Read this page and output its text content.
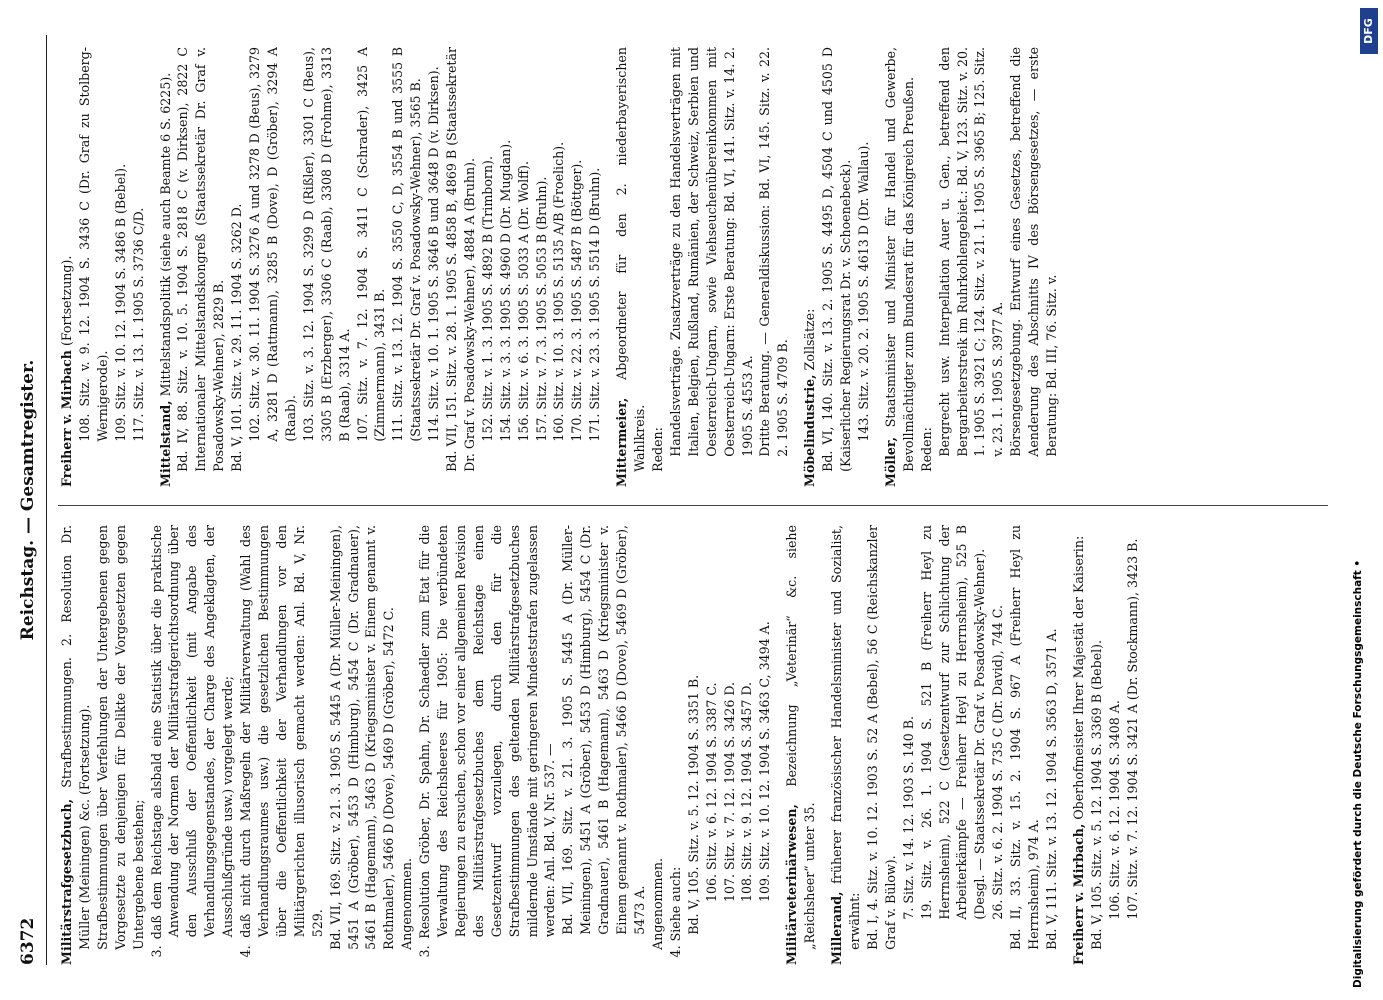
6372
Reichstag. — Gesamtregister.
Militärstrafgesetzbuch, Strafbestimmungen. 2. Resolution Dr. Müller (Meiningen) &c. (Fortsetzung). Strafbestimmungen über Verfehlungen der Untergebenen gegen Vorgesetzte zu denjenigen für Delikte der Vorgesetzten gegen Untergebene bestehen; 3. daß dem Reichstage alsbald eine Statistik über die praktische Anwendung der Normen der Militärstrafgerichtsordnung über den Ausschluß der Oeffentlichkeit (mit Angabe des Verhandlungsgegenstandes, der Charge des Angeklagten, der Ausschlußgründe usw.) vorgelegt werde; 4. daß nicht durch Maßregeln der Militärverwaltung (Wahl des Verhandlungsraumes usw.) die gesetzlichen Bestimmungen über die Oeffentlichkeit der Verhandlungen vor den Militärgerichten illusorisch gemacht werden: Anl. Bd. V, Nr. 529. Bd. VII, 169. Sitz. v. 21. 3. 1905 S. 5445 A (Dr. Müller-Meiningen), 5451 A (Gröber), 5453 D (Himburg), 5454 C (Dr. Gradnauer), 5461 B (Hagemann), 5463 D (Kriegsminister v. Einem genannt v. Rothmaler), 5466 D (Dove), 5469 D (Gröber), 5472 C. Angenommen. 3. Resolution Gröber, Dr. Spahn, Dr. Schaedler zum Etat für die Verwaltung des Reichsheeres für 1905: Die verbündeten Regierungen zu ersuchen, schon vor einer allgemeinen Revision des Militärstrafgesetzbuches dem Reichstage einen Gesetzentwurf vorzulegen, durch den für die Strafbestimmungen des geltenden Militärstrafgesetzbuches mildernde Umstände mit geringeren Mindeststrafen zugelassen werden: Anl. Bd. V, Nr. 537. — Bd. VII, 169. Sitz. v. 21. 3. 1905 S. 5445 A (Dr. Müller-Meiningen), 5451 A (Gröber), 5453 D (Himburg), 5454 C (Dr. Gradnauer), 5461 B (Hagemann), 5463 D (Kriegsminister v. Einem genannt v. Rothmaler), 5466 D (Dove), 5469 D (Gröber), 5473 A. Angenommen. 4. Siehe auch: Bd. V, 105. Sitz. v. 5. 12. 1904 S. 3351 B. 106. Sitz. v. 6. 12. 1904 S. 3387 C. 107. Sitz. v. 7. 12. 1904 S. 3426 D. 108. Sitz. v. 9. 12. 1904 S. 3457 D. 109. Sitz. v. 10. 12. 1904 S. 3463 C, 3494 A. Militärveterinärwesen, Bezeichnung „Veterinär“ &c. siehe „Reichsheer“ unter 35. Millerand, früherer französischer Handelsminister und Sozialist, erwähnt: Bd. I, 4. Sitz. v. 10. 12. 1903 S. 52 A (Bebel), 56 C (Reichskanzler Graf v. Bülow). 7. Sitz. v. 14. 12. 1903 S. 140 B. 19. Sitz. v. 26. 1. 1904 S. 521 B (Freiherr Heyl zu Herrnsheim), 522 C (Gesetzentwurf zur Schlichtung der Arbeiterkämpfe — Freiherr Heyl zu Herrnsheim), 525 B (Desgl. — Staatssekretär Dr. Graf v. Posadowsky-Wehner). 26. Sitz. v. 6. 2. 1904 S. 735 C (Dr. David), 744 C. Bd. II, 33. Sitz. v. 15. 2. 1904 S. 967 A (Freiherr Heyl zu Herrnsheim), 974 A. Bd. V, 111. Sitz. v. 13. 12. 1904 S. 3563 D, 3571 A. Freiherr v. Mirbach, Oberhofmeister Ihrer Majestät der Kaiserin: Bd. V, 105. Sitz. v. 5. 12. 1904 S. 3369 B (Bebel). 106. Sitz. v. 6. 12. 1904 S. 3408 A. 107. Sitz. v. 7. 12. 1904 S. 3421 A (Dr. Stockmann), 3423 B.
Freiherr v. Mirbach (Fortsetzung). 108. Sitz. v. 9. 12. 1904 S. 3436 C (Dr. Graf zu Stolberg-Wernigerode). 109. Sitz. v. 10. 12. 1904 S. 3486 B (Bebel). 117. Sitz. v. 13. 1. 1905 S. 3736 C/D.
Mittelstand, Mittelstandspolitik (siehe auch Beamte 6 S. 6225). Bd. IV, 88. Sitz. v. 10. 5. 1904 S. 2818 C (v. Dirksen), 2822 C Internationaler Mittelstandskongreß (Staatssekretär Dr. Graf v. Posadowsky-Wehner), 2829 B. Bd. V, 101. Sitz. v. 29. 11. 1904 S. 3262 D. 102. Sitz. v. 30. 11. 1904 S. 3276 A und 3278 D (Beus), 3279 A, 3281 D (Rattmann), 3285 B (Dove), D (Gröber), 3294 A (Raab). 103. Sitz. v. 3. 12. 1904 S. 3299 D (Rißler), 3301 C (Beus), 3305 B (Erzberger), 3306 C (Raab), 3308 D (Frohme), 3313 B (Raab), 3314 A. 107. Sitz. v. 7. 12. 1904 S. 3411 C (Schrader), 3425 A (Zimmermann), 3431 B. 111. Sitz. v. 13. 12. 1904 S. 3550 C, D, 3554 B und 3555 B (Staatssekretär Dr. Graf v. Posadowsky-Wehner), 3565 B. 114. Sitz. v. 10. 1. 1905 S. 3646 B und 3648 D (v. Dirksen). Bd. VII, 151. Sitz. v. 28. 1. 1905 S. 4858 B, 4869 B (Staatssekretär Dr. Graf v. Posadowsky-Wehner), 4884 A (Bruhn). 152. Sitz. v. 1. 3. 1905 S. 4892 B (Trimborn). 154. Sitz. v. 3. 3. 1905 S. 4960 D (Dr. Mugdan). 156. Sitz. v. 6. 3. 1905 S. 5033 A (Dr. Wolff). 157. Sitz. v. 7. 3. 1905 S. 5053 B (Bruhn). 160. Sitz. v. 10. 3. 1905 S. 5135 A/B (Froelich). 170. Sitz. v. 22. 3. 1905 S. 5487 B (Böttger). 171. Sitz. v. 23. 3. 1905 S. 5514 D (Bruhn).
Mittermeier, Abgeordneter für den 2. niederbayerischen Wahlkreis. Reden: Handelsverträge. Zusatzverträge zu den Handelsverträgen mit Italien, Belgien, Rußland, Rumänien, der Schweiz, Serbien und Oesterreich-Ungarn, sowie Viehseuchenübereinkommen mit Oesterreich-Ungarn: Erste Beratung: Bd. VI, 141. Sitz. v. 14. 2. 1905 S. 4553 A. Dritte Beratung. — Generaldiskussion: Bd. VI, 145. Sitz. v. 22. 2. 1905 S. 4709 B. Möbelindustrie, Zollsätze: Bd. VI, 140. Sitz. v. 13. 2. 1905 S. 4495 D, 4504 C und 4505 D (Kaiserlicher Regierungsrat Dr. v. Schoenebeck). 143. Sitz. v. 20. 2. 1905 S. 4613 D (Dr. Wallau).
Möller, Staatsminister und Minister für Handel und Gewerbe, Bevollmächtigter zum Bundesrat für das Königreich Preußen. Reden: Bergrecht usw. Interpellation Auer u. Gen., betreffend den Bergarbeiterstreik im Ruhrkohlengebiet.: Bd. V, 123. Sitz. v. 20. 1. 1905 S. 3921 C; 124. Sitz. v. 21. 1. 1905 S. 3965 B; 125. Sitz. v. 23. 1. 1905 S. 3977 A. Börsengesetzgebung. Entwurf eines Gesetzes, betreffend die Aenderung des Abschnitts IV des Börsengesetzes, — erste Beratung: Bd. III, 76. Sitz. v.
Digitalisierung gefördert durch die Deutsche Forschungsgemeinschaft •
DFG
